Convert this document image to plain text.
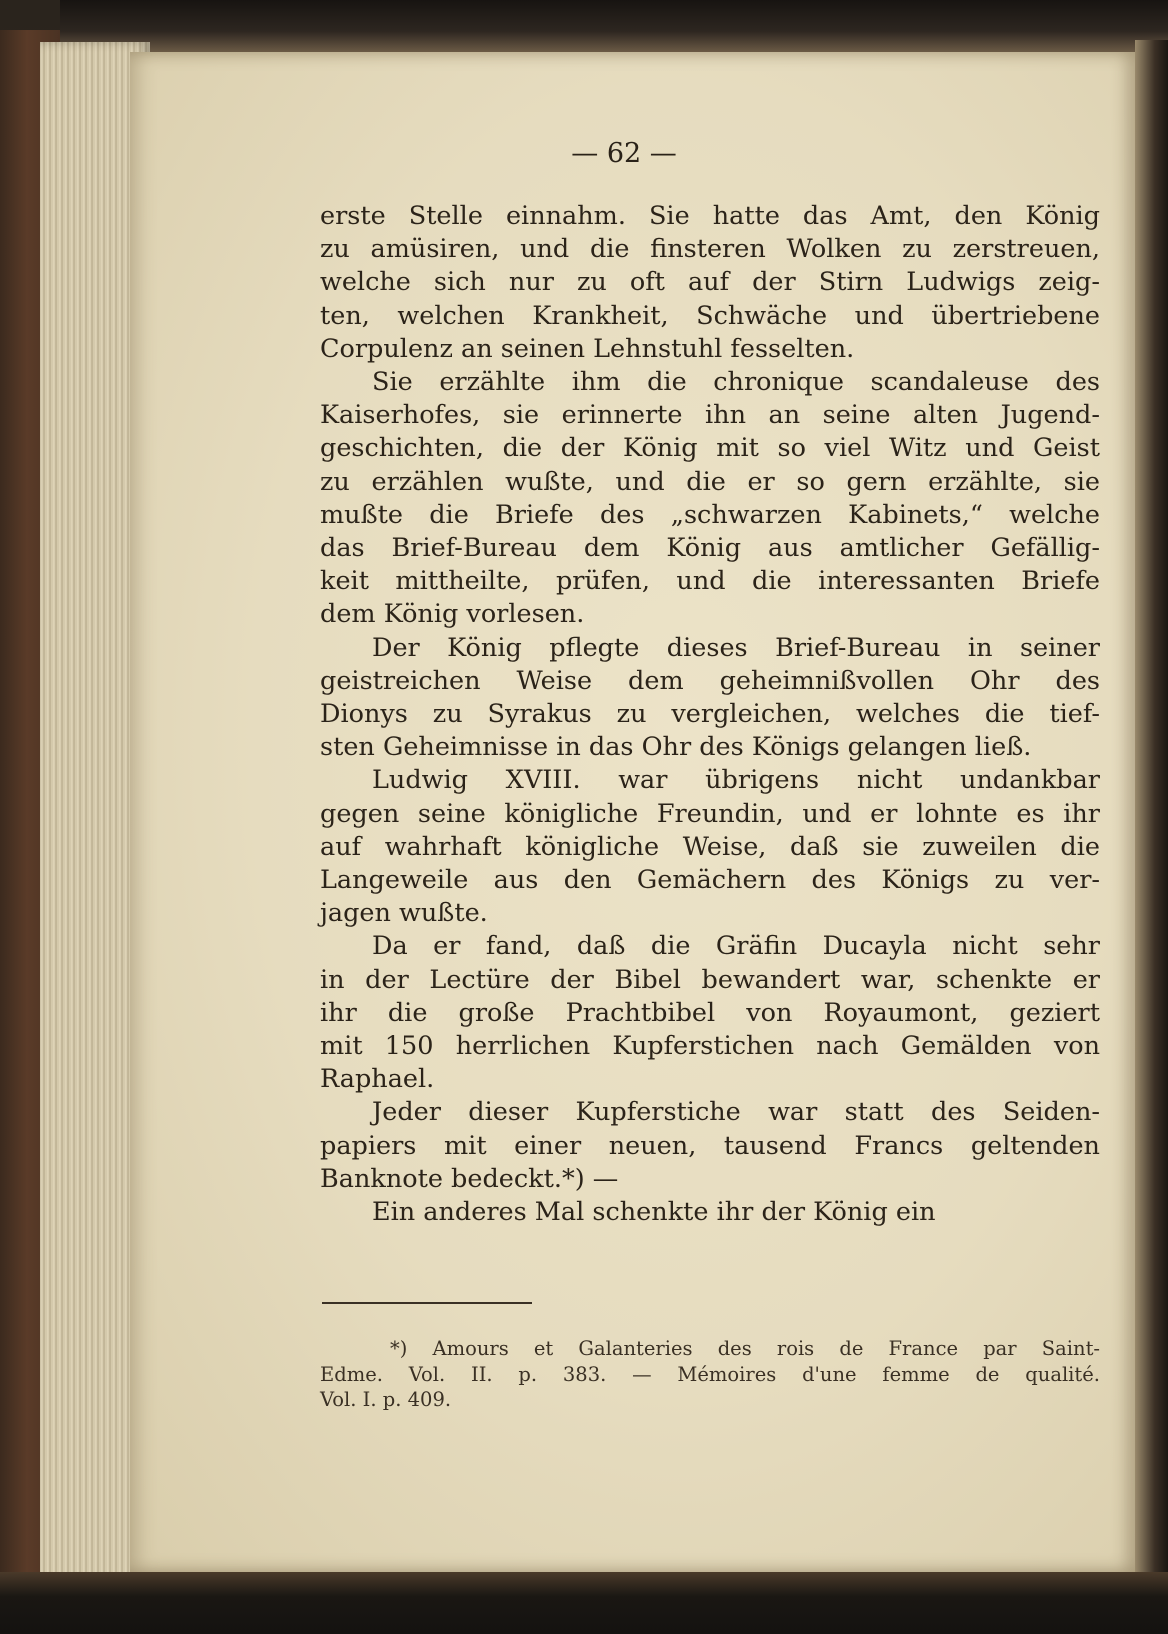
— 62 —

erste Stelle einnahm. Sie hatte das Amt, den König
zu amüsiren, und die finsteren Wolken zu zerstreuen,
welche sich nur zu oft auf der Stirn Ludwigs zeig-
ten, welchen Krankheit, Schwäche und übertriebene
Corpulenz an seinen Lehnstuhl fesselten.

Sie erzählte ihm die chronique scandaleuse des
Kaiserhofes, sie erinnerte ihn an seine alten Jugend-
geschichten, die der König mit so viel Witz und Geist
zu erzählen wußte, und die er so gern erzählte, sie
mußte die Briefe des „schwarzen Kabinets,“ welche
das Brief-Bureau dem König aus amtlicher Gefällig-
keit mittheilte, prüfen, und die interessanten Briefe
dem König vorlesen.

Der König pflegte dieses Brief-Bureau in seiner
geistreichen Weise dem geheimnißvollen Ohr des
Dionys zu Syrakus zu vergleichen, welches die tief-
sten Geheimnisse in das Ohr des Königs gelangen ließ.

Ludwig XVIII. war übrigens nicht undankbar
gegen seine königliche Freundin, und er lohnte es ihr
auf wahrhaft königliche Weise, daß sie zuweilen die
Langeweile aus den Gemächern des Königs zu ver-
jagen wußte.

Da er fand, daß die Gräfin Ducayla nicht sehr
in der Lectüre der Bibel bewandert war, schenkte er
ihr die große Prachtbibel von Royaumont, geziert
mit 150 herrlichen Kupferstichen nach Gemälden von
Raphael.

Jeder dieser Kupferstiche war statt des Seiden-
papiers mit einer neuen, tausend Francs geltenden
Banknote bedeckt.*) —

Ein anderes Mal schenkte ihr der König ein

*) Amours et Galanteries des rois de France par Saint-
Edme. Vol. II. p. 383. — Mémoires d'une femme de qualité.
Vol. I. p. 409.
